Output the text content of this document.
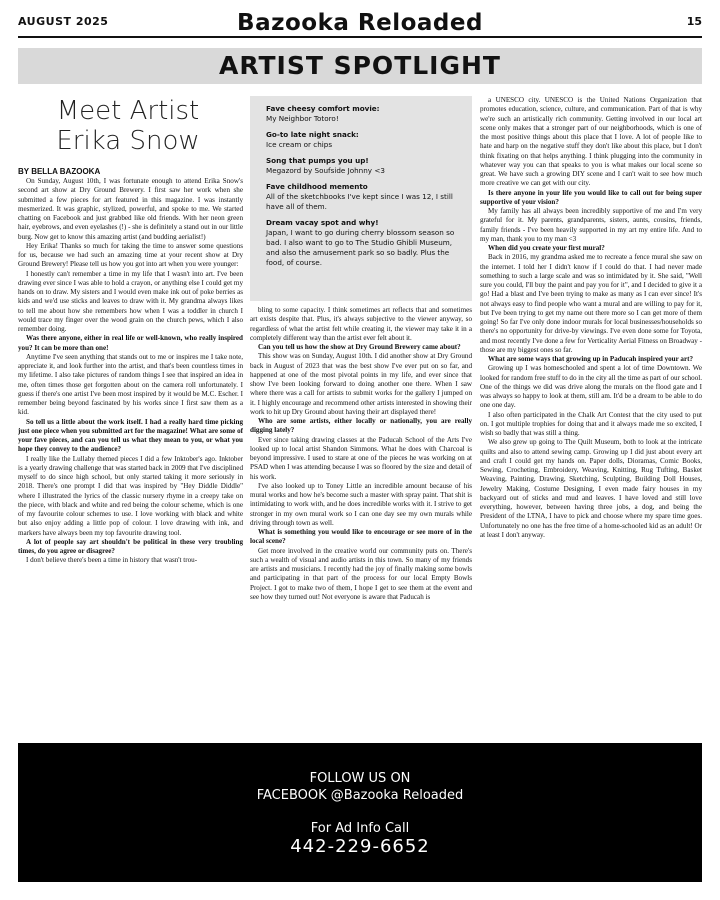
AUGUST 2025	Bazooka Reloaded	15
ARTIST SPOTLIGHT
Meet Artist
Erika Snow
BY BELLA BAZOOKA

On Sunday, August 10th, I was fortunate enough to attend Erika Snow's second art show at Dry Ground Brewery. I first saw her work when she submitted a few pieces for art featured in this magazine. I was instantly mesmerized. It was graphic, stylized, powerful, and spoke to me. We started chatting on Facebook and just grabbed like old friends. With her neon green hair, eyebrows, and even eyelashes (!) - she is definitely a stand out in our little burg. Now get to know this amazing artist (and budding aerialist!)

Hey Erika! Thanks so much for taking the time to answer some questions for us, because we had such an amazing time at your recent show at Dry Ground Brewery! Please tell us how you got into art when you were younger:

I honestly can't remember a time in my life that I wasn't into art. I've been drawing ever since I was able to hold a crayon, or anything else I could get my hands on to draw. My sisters and I would even make ink out of poke berries as kids and we'd use sticks and leaves to draw with it. My grandma always likes to tell me about how she remembers how when I was a toddler in church I would trace my finger over the wood grain on the church pews, which I also remember doing.

Was there anyone, either in real life or well-known, who really inspired you? It can be more than one!

Anytime I've seen anything that stands out to me or inspires me I take note, appreciate it, and look further into the artist, and that's been countless times in my lifetime. I also take pictures of random things I see that inspired an idea in me, often times those get forgotten about on the camera roll unfortunately. I guess if there's one artist I've been most inspired by it would be M.C. Escher. I remember being beyond fascinated by his works since I first saw them as a kid.

So tell us a little about the work itself. I had a really hard time picking just one piece when you submitted art for the magazine! What are some of your fave pieces, and can you tell us what they mean to you, or what you hope they convey to the audience?

I really like the Lullaby themed pieces I did a few Inktober's ago. Inktober is a yearly drawing challenge that was started back in 2009 that I've disciplined myself to do since high school, but only started taking it more seriously in 2018. There's one prompt I did that was inspired by "Hey Diddle Diddle" where I illustrated the lyrics of the classic nursery rhyme in a creepy take on the piece, with black and white and red being the colour scheme, which is one of my favourite colour schemes to use. I love working with black and white but also enjoy adding a little pop of colour. I love drawing with ink, and markers have always been my top favourite drawing tool.

A lot of people say art shouldn't be political in these very troubling times, do you agree or disagree?

I don't believe there's been a time in history that wasn't trou-

Fave cheesy comfort movie:
My Neighbor Totoro!
Go-to late night snack:
Ice cream or chips
Song that pumps you up!
Megazord by Soufside Johnny <3
Fave childhood memento
All of the sketchbooks I've kept since I was 12, I still have all of them.
Dream vacay spot and why!
Japan, I want to go during cherry blossom season so bad. I also want to go to The Studio Ghibli Museum, and also the amusement park so so badly. Plus the food, of course.

bling to some capacity. I think sometimes art reflects that and sometimes art exists despite that. Plus, it's always subjective to the viewer anyway, so regardless of what the artist felt while creating it, the viewer may take it in a completely different way than the artist ever felt about it.

Can you tell us how the show at Dry Ground Brewery came about?

This show was on Sunday, August 10th. I did another show at Dry Ground back in August of 2023 that was the best show I've ever put on so far, and happened at one of the most pivotal points in my life, and ever since that show I've been looking forward to doing another one there. When I saw where there was a call for artists to submit works for the gallery I jumped on it. I highly encourage and recommend other artists interested in showing their work to hit up Dry Ground about having their art displayed there!

Who are some artists, either locally or nationally, you are really digging lately?

Ever since taking drawing classes at the Paducah School of the Arts I've looked up to local artist Shandon Simmons. What he does with Charcoal is beyond impressive. I used to stare at one of the pieces he was working on at PSAD when I was attending because I was so floored by the size and detail of his work.

I've also looked up to Toney Little an incredible amount because of his mural works and how he's become such a master with spray paint. That shit is intimidating to work with, and he does incredible works with it. I strive to get stronger in my own mural work so I can one day see my own murals while driving through town as well.

What is something you would like to encourage or see more of in the local scene?

Get more involved in the creative world our community puts on. There's such a wealth of visual and audio artists in this town. So many of my friends are artists and musicians. I recently had the joy of finally making some bowls and participating in that part of the process for our local Empty Bowls Project. I got to make two of them, I hope I get to see them at the event and see how they turned out! Not everyone is aware that Paducah is

a UNESCO city. UNESCO is the United Nations Organization that promotes education, science, culture, and communication. Part of that is why we're such an artistically rich community. Getting involved in our local art scene only makes that a stronger part of our neighborhoods, which is one of the most positive things about this place that I love. A lot of people like to hate and harp on the negative stuff they don't like about this place, but I don't think fixating on that helps anything. I think plugging into the community in whatever way you can that speaks to you is what makes our local scene so great. We have such a growing DIY scene and I can't wait to see how much more creative we can get with our city.

Is there anyone in your life you would like to call out for being super supportive of your vision?

My family has all always been incredibly supportive of me and I'm very grateful for it. My parents, grandparents, sisters, aunts, cousins, friends, family friends - I've been heavily supported in my art my entire life. And to my man, thank you to my man <3

When did you create your first mural?

Back in 2016, my grandma asked me to recreate a fence mural she saw on the internet. I told her I didn't know if I could do that. I had never made something to such a large scale and was so intimidated by it. She said, "Well sure you could, I'll buy the paint and pay you for it", and I decided to give it a go! Had a blast and I've been trying to make as many as I can ever since! It's not always easy to find people who want a mural and are willing to pay for it, but I've been trying to get my name out there more so I can get more of them going! So far I've only done indoor murals for local businesses/households so there's no opportunity for drive-by viewings. I've even done some for Toyota, and most recently I've done a few for Verticality Aerial Fitness on Broadway - those are my biggest ones so far.

What are some ways that growing up in Paducah inspired your art?

Growing up I was homeschooled and spent a lot of time Downtown. We looked for random free stuff to do in the city all the time as part of our school. One of the things we did was drive along the murals on the flood gate and I was always so happy to look at them, still am. It'd be a dream to be able to do one one day.

I also often participated in the Chalk Art Contest that the city used to put on. I got multiple trophies for doing that and it always made me so excited, I wish so badly that was still a thing.

We also grew up going to The Quilt Museum, both to look at the intricate quilts and also to attend sewing camp. Growing up I did just about every art and craft I could get my hands on. Paper dolls, Dioramas, Comic Books, Sewing, Crocheting, Embroidery, Weaving, Knitting, Rug Tufting, Basket Weaving, Painting, Drawing, Sketching, Sculpting, Building Doll Houses, Jewelry Making, Costume Designing, I even made fairy houses in my backyard out of sticks and mud and leaves. I have loved and still love everything, however, between having three jobs, a dog, and being the President of the LTNA, I have to pick and choose where my spare time goes. Unfortunately no one has the free time of a home-schooled kid as an adult! Or at least I don't anyway.

FOLLOW US ON
FACEBOOK @Bazooka Reloaded
For Ad Info Call
442-229-6652
